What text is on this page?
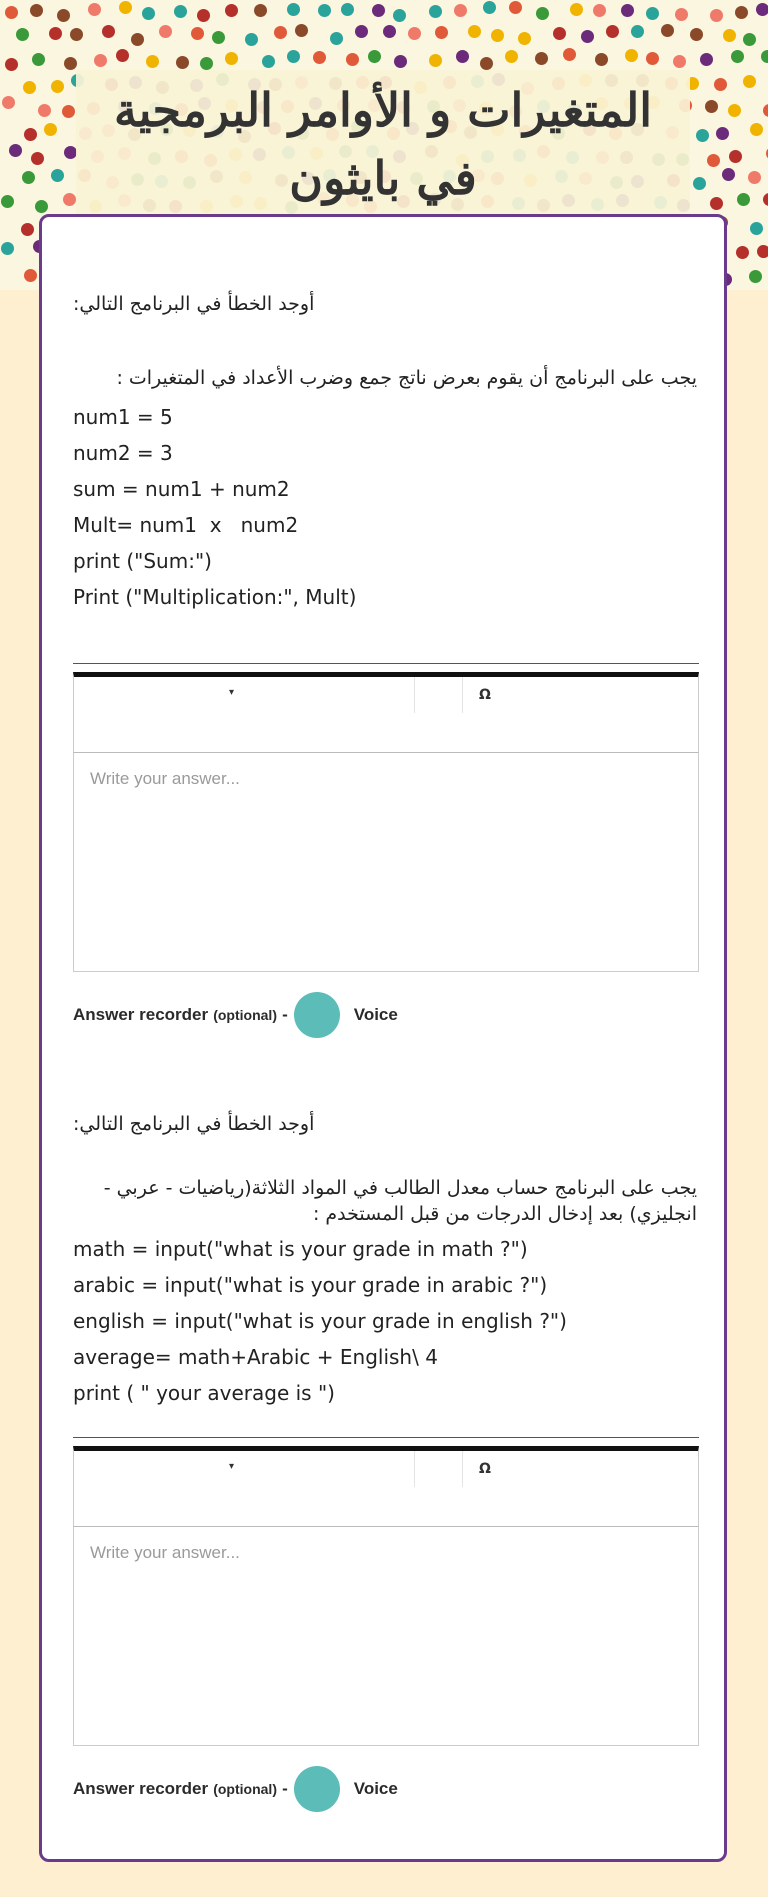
المتغيرات و الأوامر البرمجية في بايثون
أوجد الخطأ في البرنامج التالي:
يجب على البرنامج أن يقوم بعرض ناتج جمع وضرب الأعداد في المتغيرات :
num1 = 5
num2 = 3
sum = num1 + num2
Mult= num1  x   num2
print ("Sum:")
Print ("Multiplication:", Mult)
▾	Ω
Write your answer...
Answer recorder
(optional)
-	Voice
أوجد الخطأ في البرنامج التالي:
يجب على البرنامج حساب معدل الطالب في المواد الثلاثة(رياضيات - عربي - انجليزي) بعد إدخال الدرجات من قبل المستخدم :
math = input("what is your grade in math ?")
arabic = input("what is your grade in arabic ?")
english = input("what is your grade in english ?")
average= math+Arabic + English\ 4
print ( " your average is ")
▾	Ω
Write your answer...
Answer recorder
(optional)
-	Voice
